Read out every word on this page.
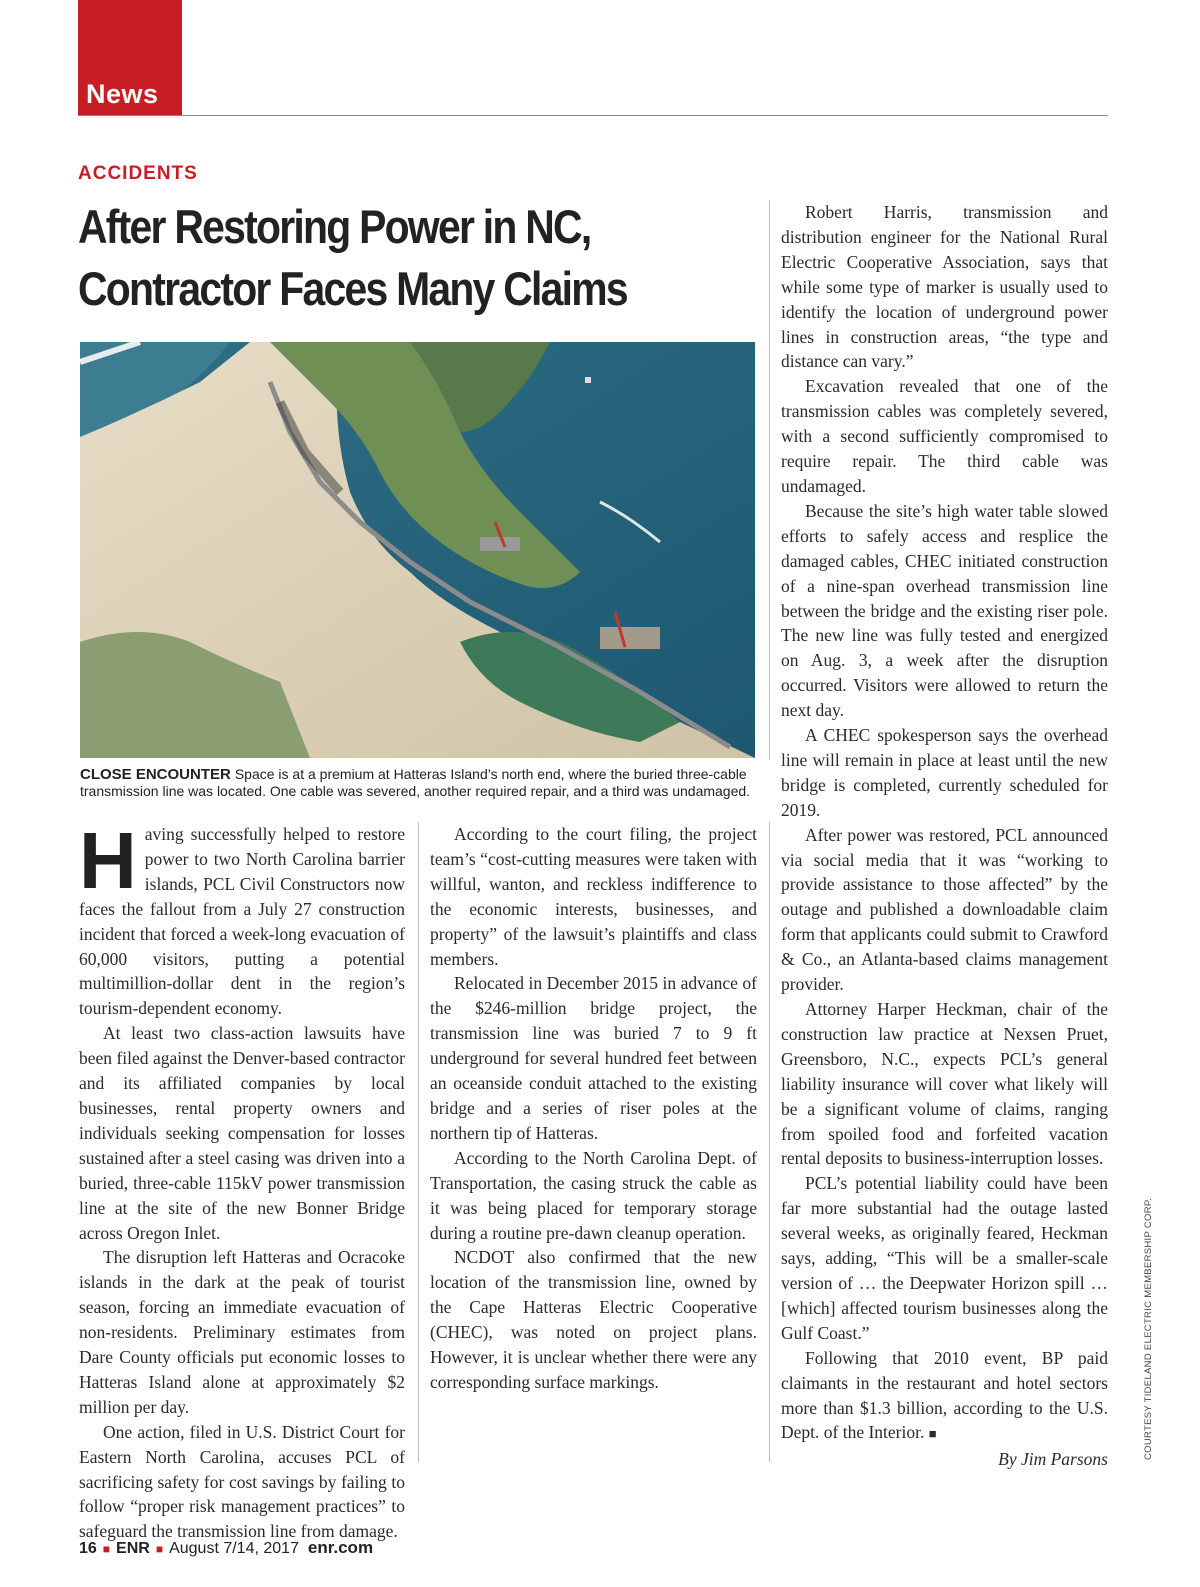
News
ACCIDENTS
After Restoring Power in NC,
Contractor Faces Many Claims
CLOSE ENCOUNTER Space is at a premium at Hatteras Island’s north end, where the buried three-cable transmission line was located. One cable was severed, another required repair, and a third was undamaged.

Having successfully helped to restore power to two North Carolina barrier islands, PCL Civil Constructors now faces the fallout from a July 27 construction incident that forced a week-long evacuation of 60,000 visitors, putting a potential multimillion-dollar dent in the region’s tourism-dependent economy.

At least two class-action lawsuits have been filed against the Denver-based contractor and its affiliated companies by local businesses, rental property owners and individuals seeking compensation for losses sustained after a steel casing was driven into a buried, three-cable 115kV power transmission line at the site of the new Bonner Bridge across Oregon Inlet.

The disruption left Hatteras and Ocracoke islands in the dark at the peak of tourist season, forcing an immediate evacuation of non-residents. Preliminary estimates from Dare County officials put economic losses to Hatteras Island alone at approximately $2 million per day.

One action, filed in U.S. District Court for Eastern North Carolina, accuses PCL of sacrificing safety for cost savings by failing to follow “proper risk management practices” to safeguard the transmission line from damage.

According to the court filing, the project team’s “cost-cutting measures were taken with willful, wanton, and reckless indifference to the economic interests, businesses, and property” of the lawsuit’s plaintiffs and class members.

Relocated in December 2015 in advance of the $246-million bridge project, the transmission line was buried 7 to 9 ft underground for several hundred feet between an oceanside conduit attached to the existing bridge and a series of riser poles at the northern tip of Hatteras.

According to the North Carolina Dept. of Transportation, the casing struck the cable as it was being placed for temporary storage during a routine pre-dawn cleanup operation.

NCDOT also confirmed that the new location of the transmission line, owned by the Cape Hatteras Electric Cooperative (CHEC), was noted on project plans. However, it is unclear whether there were any corresponding surface markings.

Robert Harris, transmission and distribution engineer for the National Rural Electric Cooperative Association, says that while some type of marker is usually used to identify the location of underground power lines in construction areas, “the type and distance can vary.”

Excavation revealed that one of the transmission cables was completely severed, with a second sufficiently compromised to require repair. The third cable was undamaged.

Because the site’s high water table slowed efforts to safely access and resplice the damaged cables, CHEC initiated construction of a nine-span overhead transmission line between the bridge and the existing riser pole. The new line was fully tested and energized on Aug. 3, a week after the disruption occurred. Visitors were allowed to return the next day.

A CHEC spokesperson says the overhead line will remain in place at least until the new bridge is completed, currently scheduled for 2019.

After power was restored, PCL announced via social media that it was “working to provide assistance to those affected” by the outage and published a downloadable claim form that applicants could submit to Crawford & Co., an Atlanta-based claims management provider.

Attorney Harper Heckman, chair of the construction law practice at Nexsen Pruet, Greensboro, N.C., expects PCL’s general liability insurance will cover what likely will be a significant volume of claims, ranging from spoiled food and forfeited vacation rental deposits to business-interruption losses.

PCL’s potential liability could have been far more substantial had the outage lasted several weeks, as originally feared, Heckman says, adding, “This will be a smaller-scale version of … the Deepwater Horizon spill … [which] affected tourism businesses along the Gulf Coast.”

Following that 2010 event, BP paid claimants in the restaurant and hotel sectors more than $1.3 billion, according to the U.S. Dept. of the Interior. ■

By Jim Parsons	COURTESY TIDELAND ELECTRIC MEMBERSHIP CORP.
16 ■ ENR ■ August 7/14, 2017 enr.com
